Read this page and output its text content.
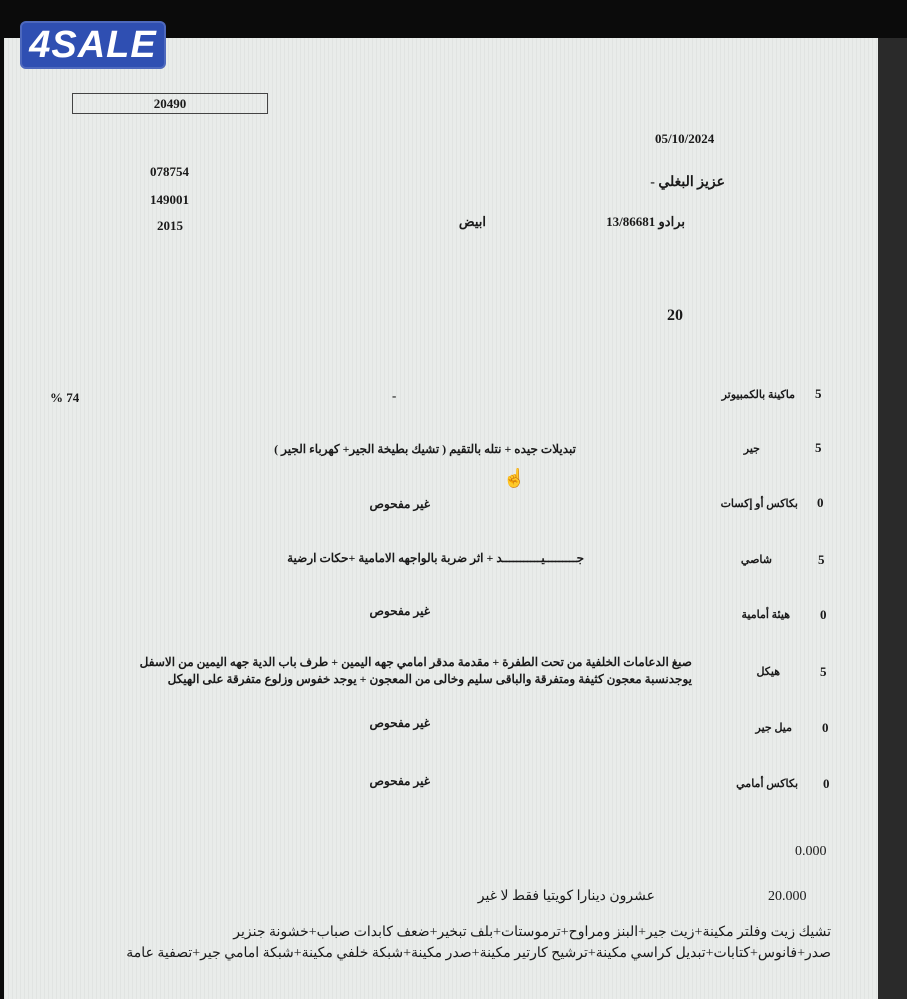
4SALE
20490
078754
149001
2015
05/10/2024
عزيز البغلي -
برادو 13/86681
ابيض
20
% 74	5
5
0
5
0
5
0
0
ماكينة بالكمبيوتر
جير
بكاكس أو إكسات
شاصي
هيئة أمامية
هيكل
ميل جير
بكاكس أمامي
-
تبديلات جيده + نتله بالتقيم ( تشيك بطيخة الجير+ كهرباء الجير )
غير مفحوص
جـــــــــيـــــــــــد + اثر ضربة بالواجهه الامامية +حكات ارضية
غير مفحوص
صبغ الدعامات الخلفية من تحت الطفرة + مقدمة مدقر امامي جهه اليمين + طرف باب الدية جهه اليمين من الاسفل يوجدنسبة معجون كثيفة ومتفرقة والباقى سليم وخالى من المعجون + يوجد خفوس وزلوع متفرقة على الهيكل
غير مفحوص
غير مفحوص
☝
0.000
عشرون دينارا كويتيا فقط لا غير	20.000
تشيك زيت وفلتر مكينة+زيت جير+البنز ومراوح+ترموستات+بلف تبخير+ضعف كابدات صباب+خشونة جنزير صدر+فانوس+كتابات+تبديل كراسي مكينة+ترشيح كارتير مكينة+صدر مكينة+شبكة خلفي مكينة+شبكة امامي جير+تصفية عامة
